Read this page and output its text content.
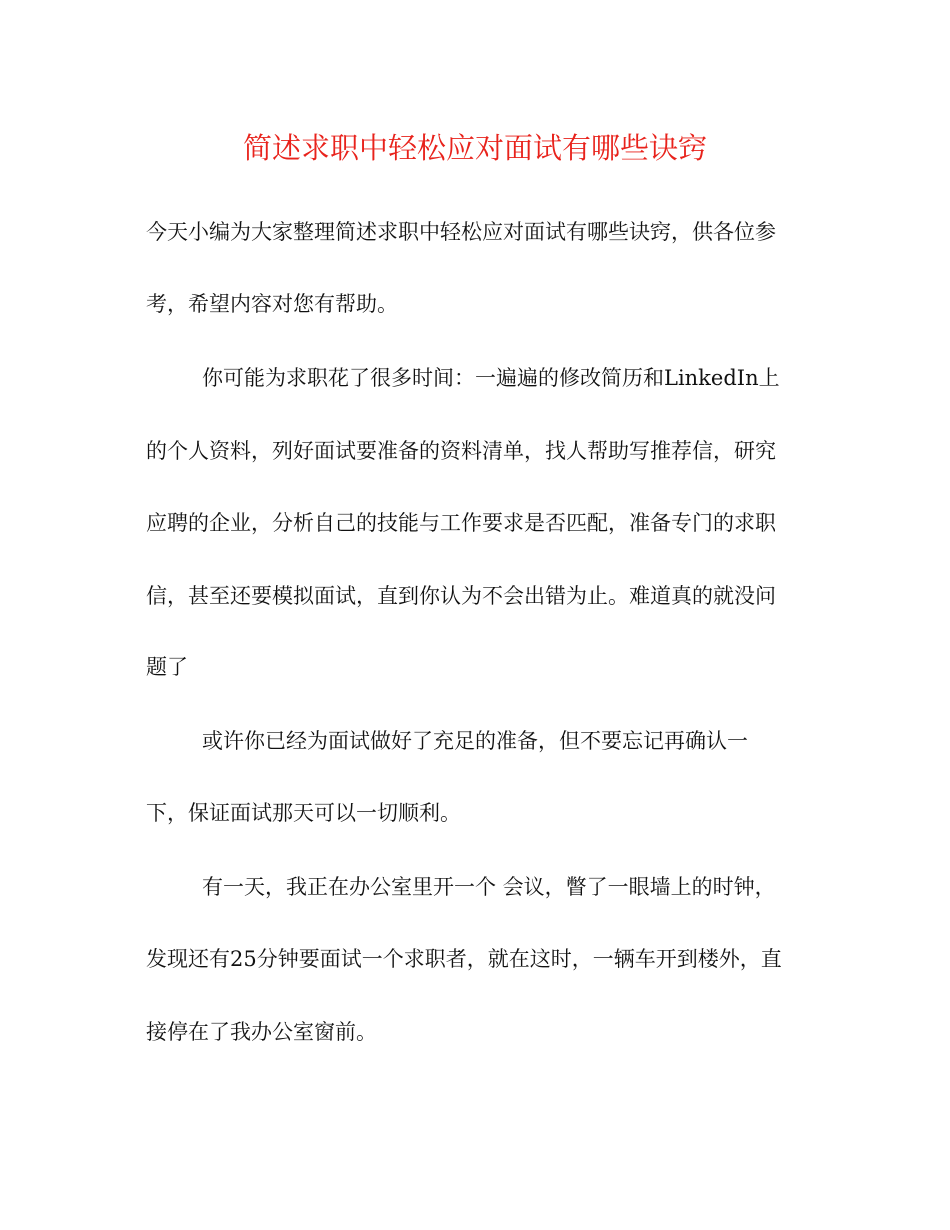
简述求职中轻松应对面试有哪些诀窍

今天小编为大家整理简述求职中轻松应对面试有哪些诀窍，供各位参

考，希望内容对您有帮助。

你可能为求职花了很多时间：一遍遍的修改简历和LinkedIn上

的个人资料，列好面试要准备的资料清单，找人帮助写推荐信，研究

应聘的企业，分析自己的技能与工作要求是否匹配，准备专门的求职

信，甚至还要模拟面试，直到你认为不会出错为止。难道真的就没问

题了

或许你已经为面试做好了充足的准备，但不要忘记再确认一

下，保证面试那天可以一切顺利。

有一天，我正在办公室里开一个 会议，瞥了一眼墙上的时钟，

发现还有25分钟要面试一个求职者，就在这时，一辆车开到楼外，直

接停在了我办公室窗前。
